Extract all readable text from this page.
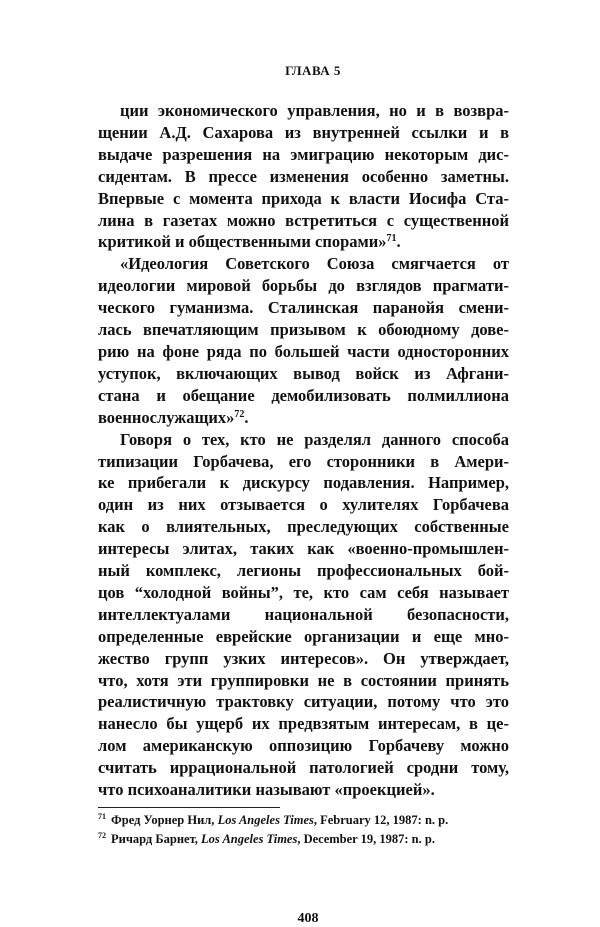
ГЛАВА 5
ции экономического управления, но и в возвра-
щении А.Д. Сахарова из внутренней ссылки и в
выдаче разрешения на эмиграцию некоторым дис-
сидентам. В прессе изменения особенно заметны.
Впервые с момента прихода к власти Иосифа Ста-
лина в газетах можно встретиться с существенной
критикой и общественными спорами»$^{71}$.
«Идеология Советского Союза смягчается от
идеологии мировой борьбы до взглядов прагмати-
ческого гуманизма. Сталинская паранойя смени-
лась впечатляющим призывом к обоюдному дове-
рию на фоне ряда по большей части односторонних
уступок, включающих вывод войск из Афгани-
стана и обещание демобилизовать полмиллиона
военнослужащих»$^{72}$.
Говоря о тех, кто не разделял данного способа
типизации Горбачева, его сторонники в Амери-
ке прибегали к дискурсу подавления. Например,
один из них отзывается о хулителях Горбачева
как о влиятельных, преследующих собственные
интересы элитах, таких как «военно-промышлен-
ный комплекс, легионы профессиональных бой-
цов “холодной войны”, те, кто сам себя называет
интеллектуалами национальной безопасности,
определенные еврейские организации и еще мно-
жество групп узких интересов». Он утверждает,
что, хотя эти группировки не в состоянии принять
реалистичную трактовку ситуации, потому что это
нанесло бы ущерб их предвзятым интересам, в це-
лом американскую оппозицию Горбачеву можно
считать иррациональной патологией сродни тому,
что психоаналитики называют «проекцией».
$^{71}$ Фред Уорнер Нил, Los Angeles Times, February 12, 1987: n. p.
$^{72}$ Ричард Барнет, Los Angeles Times, December 19, 1987: n. p.
408
